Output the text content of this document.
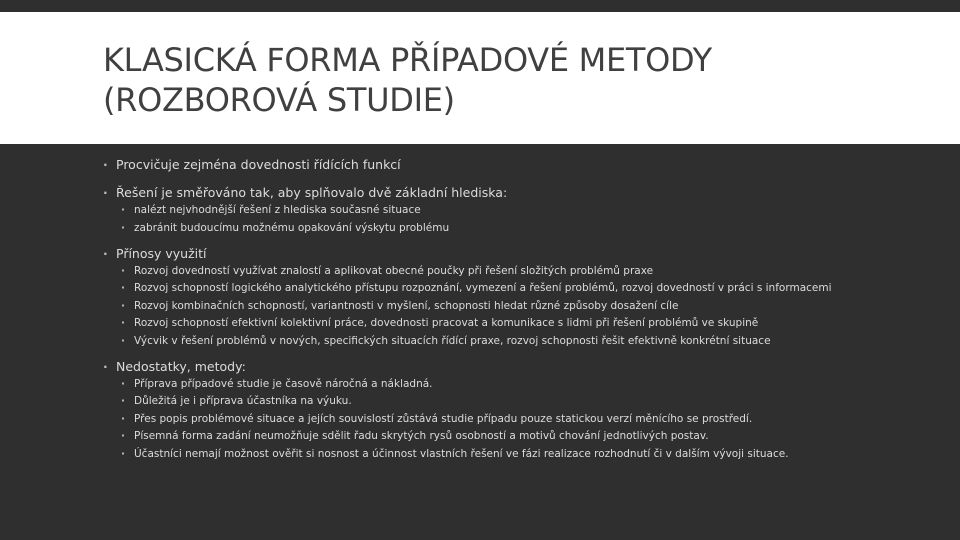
KLASICKÁ FORMA PŘÍPADOVÉ METODY (ROZBOROVÁ STUDIE)
· Procvičuje zejména dovednosti řídících funkcí
· Řešení je směřováno tak, aby splňovalo dvě základní hlediska:
· nalézt nejvhodnější řešení z hlediska současné situace
· zabránit budoucímu možnému opakování výskytu problému
· Přínosy využití
· Rozvoj dovedností využívat znalostí a aplikovat obecné poučky při řešení složitých problémů praxe
· Rozvoj schopností logického analytického přístupu rozpoznání, vymezení a řešení problémů, rozvoj dovedností v práci s informacemi
· Rozvoj kombinačních schopností, variantnosti v myšlení, schopnosti hledat různé způsoby dosažení cíle
· Rozvoj schopností efektivní kolektivní práce, dovednosti pracovat a komunikace s lidmi při řešení problémů ve skupině
· Výcvik v řešení problémů v nových, specifických situacích řídící praxe, rozvoj schopnosti řešit efektivně konkrétní situace
· Nedostatky, metody:
· Příprava případové studie je časově náročná a nákladná.
· Důležitá je i příprava účastníka na výuku.
· Přes popis problémové situace a jejích souvislostí zůstává studie případu pouze statickou verzí měnícího se prostředí.
· Písemná forma zadání neumožňuje sdělit řadu skrytých rysů osobností a motivů chování jednotlivých postav.
· Účastníci nemají možnost ověřit si nosnost a účinnost vlastních řešení ve fázi realizace rozhodnutí či v dalším vývoji situace.
